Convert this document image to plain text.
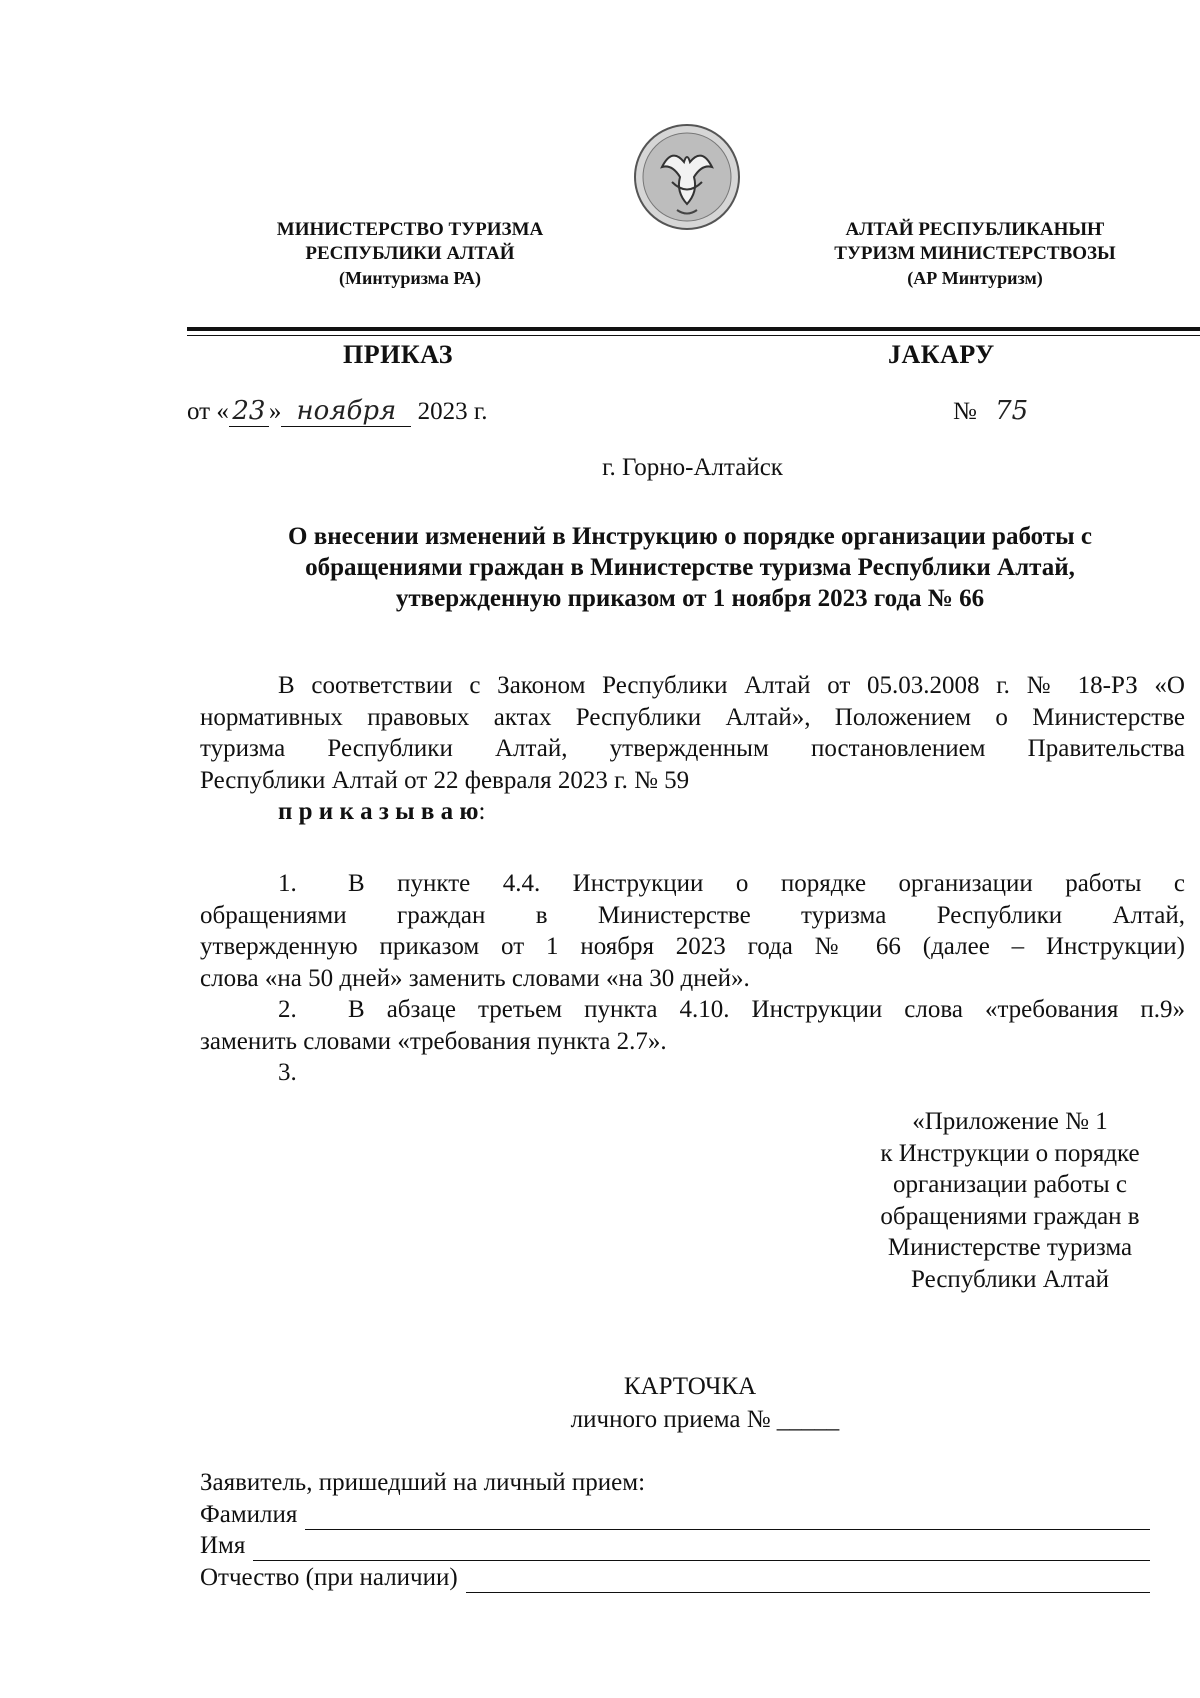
МИНИСТЕРСТВО ТУРИЗМА
РЕСПУБЛИКИ АЛТАЙ
(Минтуризма РА)
АЛТАЙ РЕСПУБЛИКАНЫҤ
ТУРИЗМ МИНИСТЕРСТВОЗЫ
(АР Минтуризм)
ПРИКАЗ	JАКАРУ
от « 23 » ноября 2023 г.	№ 75
г. Горно-Алтайск
О внесении изменений в Инструкцию о порядке организации работы с
обращениями граждан в Министерстве туризма Республики Алтай,
утвержденную приказом от 1 ноября 2023 года № 66
В соответствии с Законом Республики Алтай от 05.03.2008 г. № 18-РЗ «О
нормативных правовых актах Республики Алтай», Положением о Министерстве
туризма Республики Алтай, утвержденным постановлением Правительства
Республики Алтай от 22 февраля 2023 г. № 59
п р и к а з ы в а ю:
1. В пункте 4.4. Инструкции о порядке организации работы с
обращениями граждан в Министерстве туризма Республики Алтай,
утвержденную приказом от 1 ноября 2023 года № 66 (далее – Инструкции)
слова «на 50 дней» заменить словами «на 30 дней».
2. В абзаце третьем пункта 4.10. Инструкции слова «требования п.9»
заменить словами «требования пункта 2.7».
3.
«Приложение № 1
к Инструкции о порядке
организации работы с
обращениями граждан в
Министерстве туризма
Республики Алтай
КАРТОЧКА
личного приема № _____
Заявитель, пришедший на личный прием:
Фамилия
Имя
Отчество (при наличии)
